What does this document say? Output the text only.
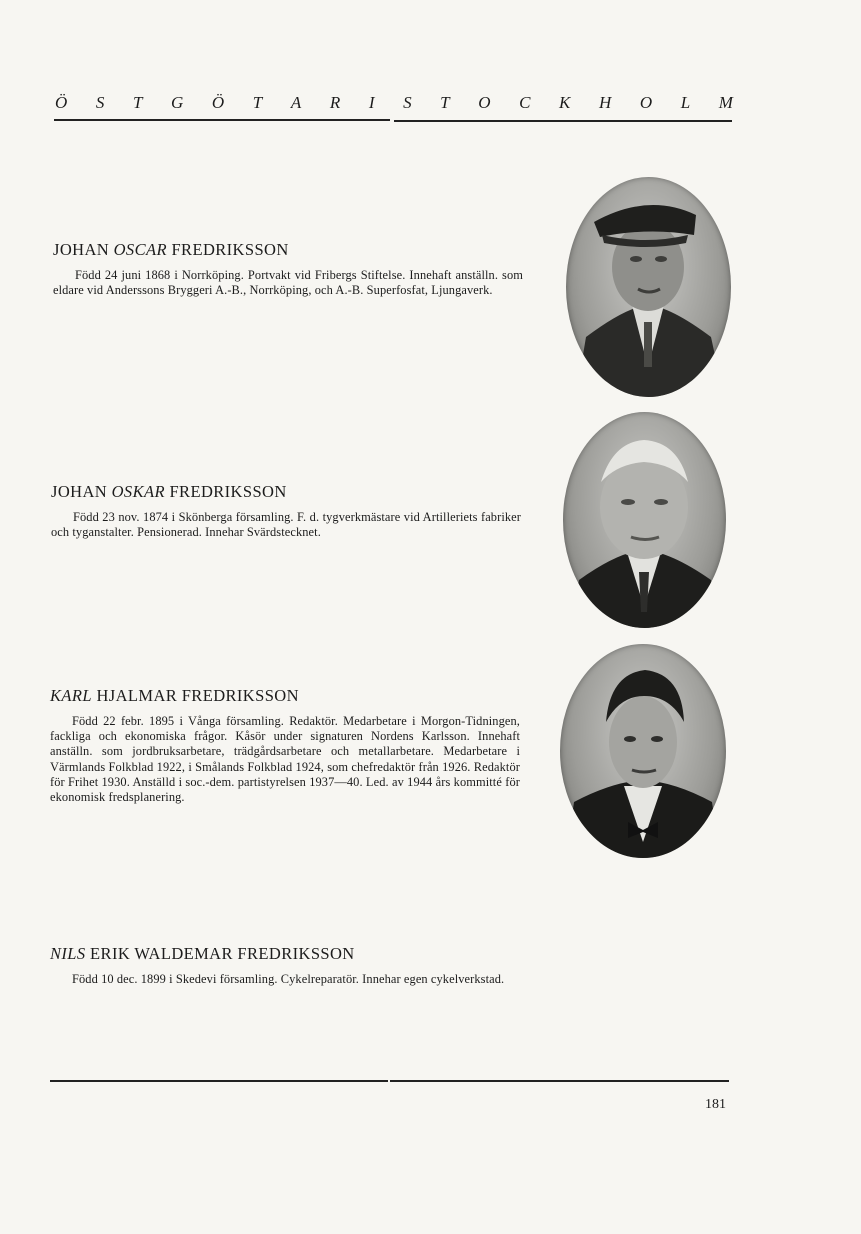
Ö S T G Ö T A R I S T O C K H O L M
JOHAN OSCAR FREDRIKSSON

Född 24 juni 1868 i Norrköping. Portvakt vid Fribergs Stiftelse. Innehaft anställn. som eldare vid Anderssons Bryggeri A.-B., Norrköping, och A.-B. Superfosfat, Ljungaverk.

JOHAN OSKAR FREDRIKSSON

Född 23 nov. 1874 i Skönberga församling. F. d. tygverkmästare vid Artilleriets fabriker och tyganstalter. Pensionerad. Innehar Svärdstecknet.

KARL HJALMAR FREDRIKSSON

Född 22 febr. 1895 i Vånga församling. Redaktör. Medarbetare i Morgon-Tidningen, fackliga och ekonomiska frågor. Kåsör under signaturen Nordens Karlsson. Innehaft anställn. som jordbruksarbetare, trädgårdsarbetare och metallarbetare. Medarbetare i Värmlands Folkblad 1922, i Smålands Folkblad 1924, som chefredaktör från 1926. Redaktör för Frihet 1930. Anställd i soc.-dem. partistyrelsen 1937—40. Led. av 1944 års kommitté för ekonomisk fredsplanering.

NILS ERIK WALDEMAR FREDRIKSSON

Född 10 dec. 1899 i Skedevi församling. Cykelreparatör. Innehar egen cykelverkstad.

181
